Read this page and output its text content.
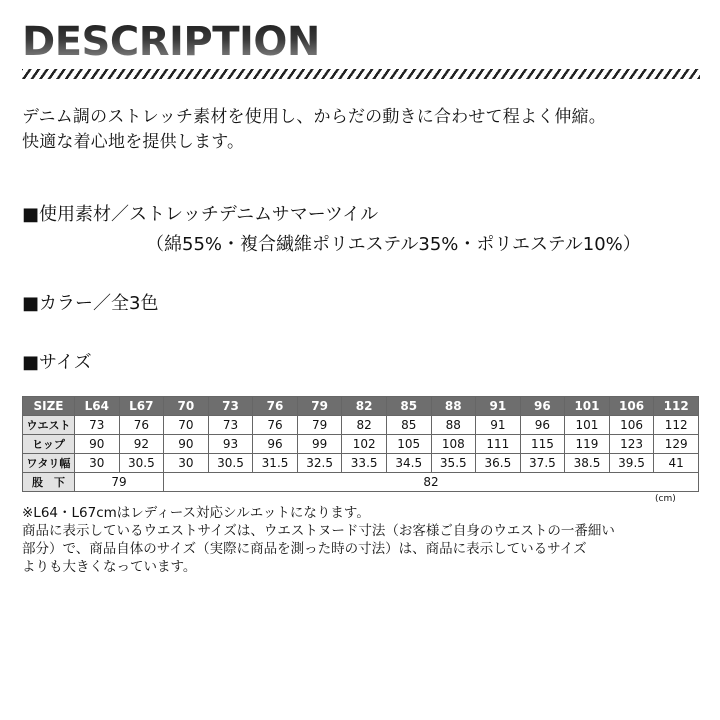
DESCRIPTION
デニム調のストレッチ素材を使用し、からだの動きに合わせて程よく伸縮。
快適な着心地を提供します。
■使用素材／ストレッチデニムサマーツイル
（綿55%・複合繊維ポリエステル35%・ポリエステル10%）
■カラー／全3色
■サイズ
SIZE	L64	L67	70	73	76	79	82	85	88	91	96	101	106	112
ウエスト	73	76	70	73	76	79	82	85	88	91	96	101	106	112
ヒップ	90	92	90	93	96	99	102	105	108	111	115	119	123	129
ワタリ幅	30	30.5	30	30.5	31.5	32.5	33.5	34.5	35.5	36.5	37.5	38.5	39.5	41
股　下	79		82											
(cm)
※L64・L67cmはレディース対応シルエットになります。
商品に表示しているウエストサイズは、ウエストヌード寸法（お客様ご自身のウエストの一番細い
部分）で、商品自体のサイズ（実際に商品を測った時の寸法）は、商品に表示しているサイズ
よりも大きくなっています。
